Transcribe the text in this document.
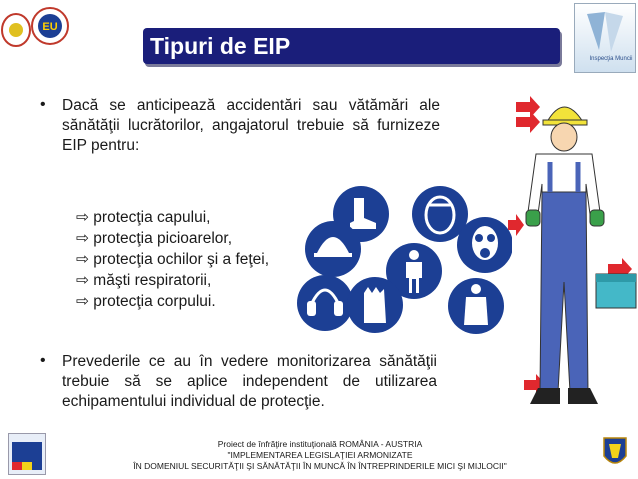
EU
Tipuri de EIP	Inspecţia Muncii
• Dacă se anticipează accidentări sau vătămări ale sănătăţii lucrătorilor, angajatorul trebuie să furnizeze EIP pentru:
⇨ protecţia capului,
⇨ protecţia picioarelor,
⇨ protecţia ochilor şi a feţei,
⇨ măşti respiratorii,
⇨ protecţia corpului.
• Prevederile ce au în vedere monitorizarea sănătăţii trebuie să se aplice independent de utilizarea echipamentului individual de protecţie.
Proiect de înfrăţire instituţională ROMÂNIA - AUSTRIA
"IMPLEMENTAREA LEGISLAŢIEI ARMONIZATE
ÎN DOMENIUL SECURITĂŢII ŞI SĂNĂTĂŢII ÎN MUNCĂ ÎN ÎNTREPRINDERILE MICI ŞI MIJLOCII"
